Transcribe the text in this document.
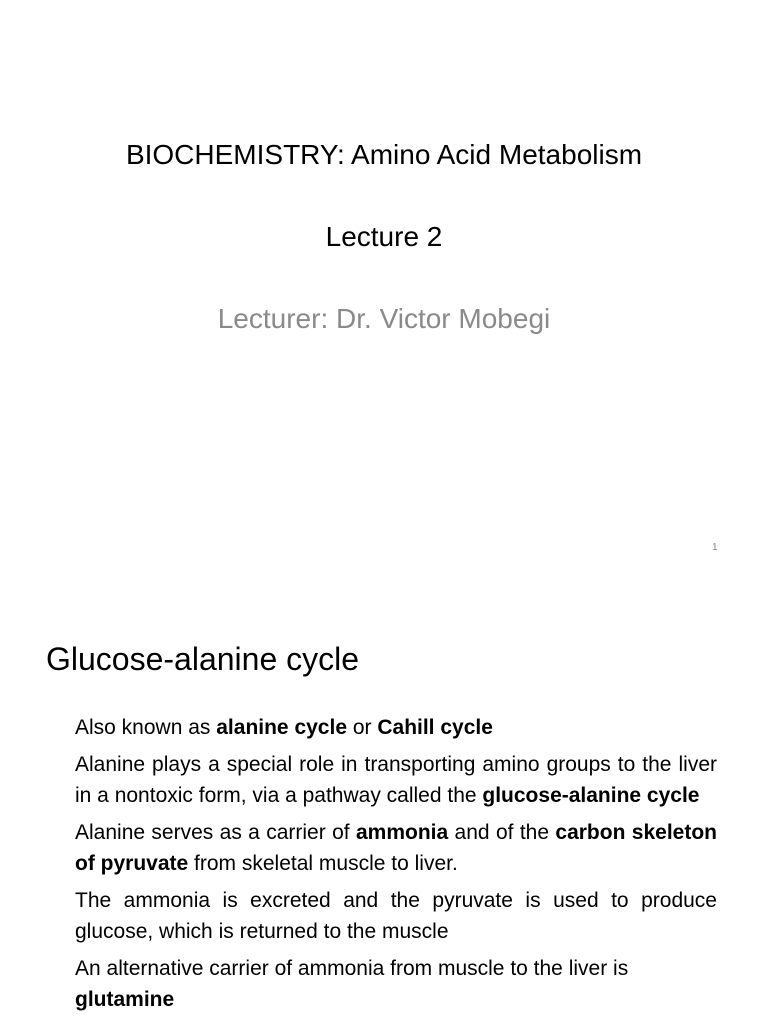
BIOCHEMISTRY: Amino Acid Metabolism
Lecture 2
Lecturer: Dr. Victor Mobegi
1
Glucose-alanine cycle

Also known as alanine cycle or Cahill cycle

Alanine plays a special role in transporting amino groups to the liver in a nontoxic form, via a pathway called the glucose-alanine cycle

Alanine serves as a carrier of ammonia and of the carbon skeleton of pyruvate from skeletal muscle to liver.

The ammonia is excreted and the pyruvate is used to produce glucose, which is returned to the muscle

An alternative carrier of ammonia from muscle to the liver is glutamine
